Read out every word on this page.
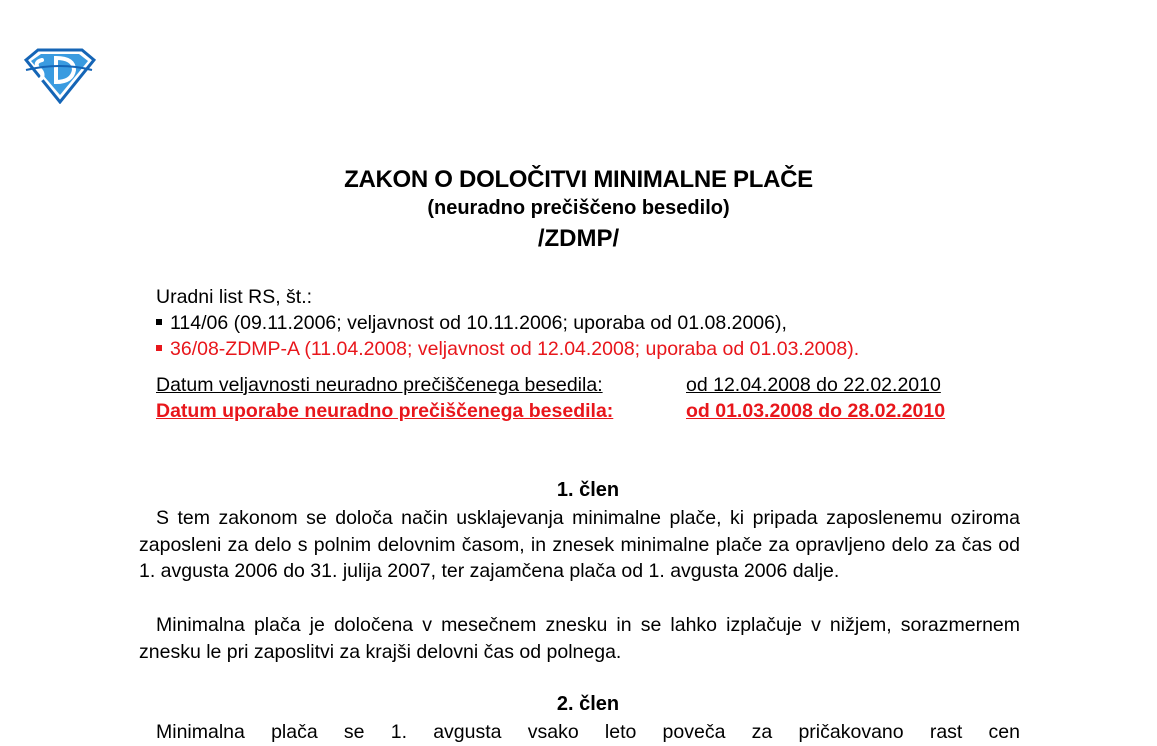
ZAKON O DOLOČITVI MINIMALNE PLAČE
(neuradno prečiščeno besedilo)
/ZDMP/
Uradni list RS, št.:
114/06 (09.11.2006; veljavnost od 10.11.2006; uporaba od 01.08.2006),
36/08-ZDMP-A (11.04.2008; veljavnost od 12.04.2008; uporaba od 01.03.2008).
Datum veljavnosti neuradno prečiščenega besedila:	od 12.04.2008 do 22.02.2010
Datum uporabe neuradno prečiščenega besedila:	od 01.03.2008 do 28.02.2010
1. člen
S tem zakonom se določa način usklajevanja minimalne plače, ki pripada zaposlenemu oziroma zaposleni za delo s polnim delovnim časom, in znesek minimalne plače za opravljeno delo za čas od 1. avgusta 2006 do 31. julija 2007, ter zajamčena plača od 1. avgusta 2006 dalje.
Minimalna plača je določena v mesečnem znesku in se lahko izplačuje v nižjem, sorazmernem znesku le pri zaposlitvi za krajši delovni čas od polnega.
2. člen
Minimalna plača se 1. avgusta vsako leto poveča za pričakovano rast cen
